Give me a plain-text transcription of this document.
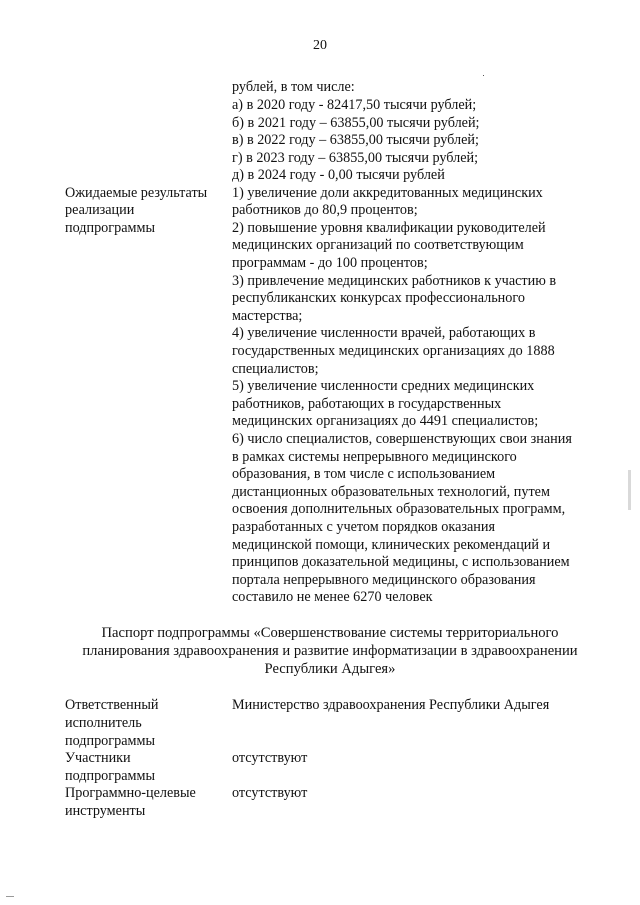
20
рублей, в том числе:
а) в 2020 году - 82417,50 тысячи рублей;
б) в 2021 году – 63855,00 тысячи рублей;
в) в 2022 году – 63855,00 тысячи рублей;
г) в 2023 году – 63855,00 тысячи рублей;
д) в 2024 году - 0,00 тысячи рублей
Ожидаемые результаты
реализации
подпрограммы
1) увеличение доли аккредитованных медицинских
работников до 80,9 процентов;
2) повышение уровня квалификации руководителей
медицинских организаций по соответствующим
программам - до 100 процентов;
3) привлечение медицинских работников к участию в
республиканских конкурсах профессионального
мастерства;
4) увеличение численности врачей, работающих в
государственных медицинских организациях до 1888
специалистов;
5) увеличение численности средних медицинских
работников, работающих в государственных
медицинских организациях до 4491 специалистов;
6) число специалистов, совершенствующих свои знания
в рамках системы непрерывного медицинского
образования, в том числе с использованием
дистанционных образовательных технологий, путем
освоения дополнительных образовательных программ,
разработанных с учетом порядков оказания
медицинской помощи, клинических рекомендаций и
принципов доказательной медицины, с использованием
портала непрерывного медицинского образования
составило не менее 6270 человек
Паспорт подпрограммы «Совершенствование системы территориального
планирования здравоохранения и развитие информатизации в здравоохранении
Республики Адыгея»
Ответственный
исполнитель
подпрограммы
Министерство здравоохранения Республики Адыгея
Участники
подпрограммы
отсутствуют
Программно-целевые
инструменты
отсутствуют
